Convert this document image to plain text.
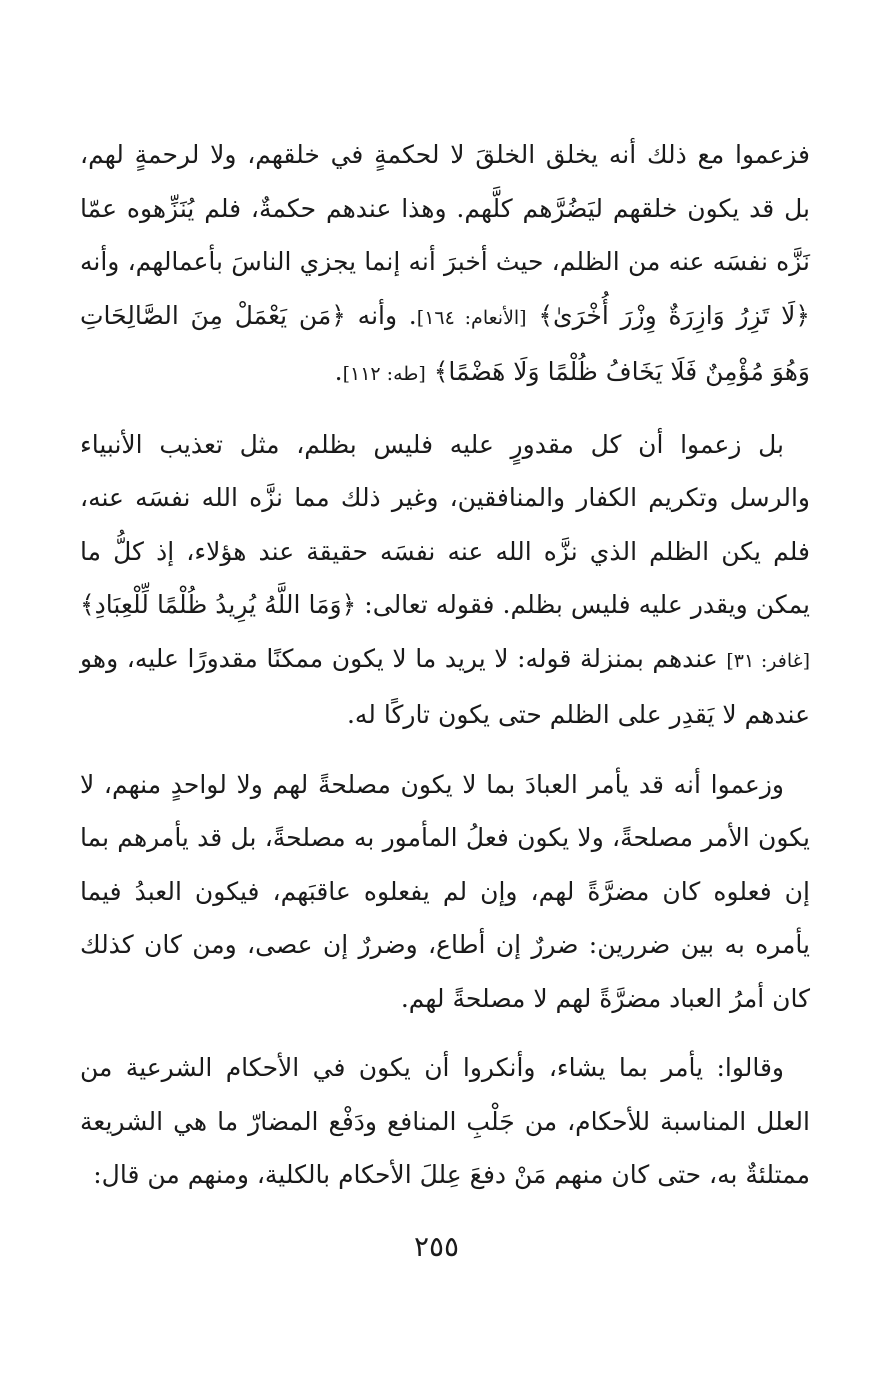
فزعموا مع ذلك أنه يخلق الخلقَ لا لحكمةٍ في خلقهم، ولا لرحمةٍ لهم، بل قد يكون خلقهم ليَضُرَّهم كلَّهم. وهذا عندهم حكمةٌ، فلم يُنَزِّهوه عمّا نَزَّه نفسَه عنه من الظلم، حيث أخبرَ أنه إنما يجزي الناسَ بأعمالهم، وأنه ﴿لَا تَزِرُ وَازِرَةٌ وِزْرَ أُخْرَىٰ﴾ [الأنعام: ١٦٤]. وأنه ﴿مَن يَعْمَلْ مِنَ الصَّالِحَاتِ وَهُوَ مُؤْمِنٌ فَلَا يَخَافُ ظُلْمًا وَلَا هَضْمًا﴾ [طه: ١١٢].

بل زعموا أن كل مقدورٍ عليه فليس بظلم، مثل تعذيب الأنبياء والرسل وتكريم الكفار والمنافقين، وغير ذلك مما نزَّه الله نفسَه عنه، فلم يكن الظلم الذي نزَّه الله عنه نفسَه حقيقة عند هؤلاء، إذ كلُّ ما يمكن ويقدر عليه فليس بظلم. فقوله تعالى: ﴿وَمَا اللَّهُ يُرِيدُ ظُلْمًا لِّلْعِبَادِ﴾ [غافر: ٣١] عندهم بمنزلة قوله: لا يريد ما لا يكون ممكنًا مقدورًا عليه، وهو عندهم لا يَقدِر على الظلم حتى يكون تاركًا له.

وزعموا أنه قد يأمر العبادَ بما لا يكون مصلحةً لهم ولا لواحدٍ منهم، لا يكون الأمر مصلحةً، ولا يكون فعلُ المأمور به مصلحةً، بل قد يأمرهم بما إن فعلوه كان مضرَّةً لهم، وإن لم يفعلوه عاقبَهم، فيكون العبدُ فيما يأمره به بين ضررين: ضررٌ إن أطاع، وضررٌ إن عصى، ومن كان كذلك كان أمرُ العباد مضرَّةً لهم لا مصلحةً لهم.

وقالوا: يأمر بما يشاء، وأنكروا أن يكون في الأحكام الشرعية من العلل المناسبة للأحكام، من جَلْبِ المنافع ودَفْع المضارّ ما هي الشريعة ممتلئةٌ به، حتى كان منهم مَنْ دفعَ عِللَ الأحكام بالكلية، ومنهم من قال:

٢٥٥
